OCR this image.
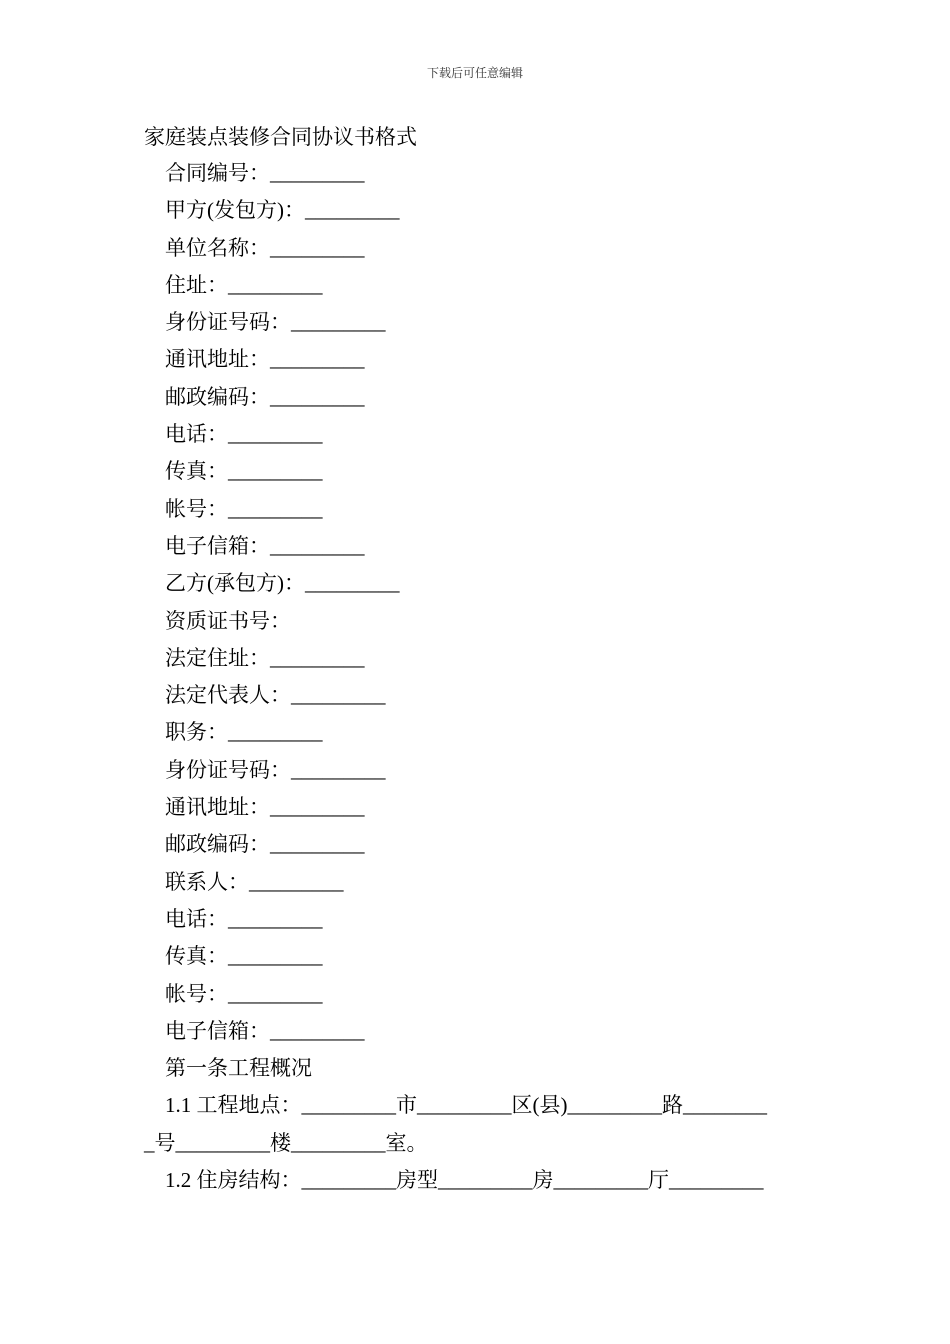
下载后可任意编辑
家庭装点装修合同协议书格式
合同编号：_________
甲方(发包方)：_________
单位名称：_________
住址：_________
身份证号码：_________
通讯地址：_________
邮政编码：_________
电话：_________
传真：_________
帐号：_________
电子信箱：_________
乙方(承包方)：_________
资质证书号：
法定住址：_________
法定代表人：_________
职务：_________
身份证号码：_________
通讯地址：_________
邮政编码：_________
联系人：_________
电话：_________
传真：_________
帐号：_________
电子信箱：_________
第一条工程概况
1.1 工程地点：_________市_________区(县)_________路________
_号_________楼_________室。
1.2 住房结构：_________房型_________房_________厅_________
